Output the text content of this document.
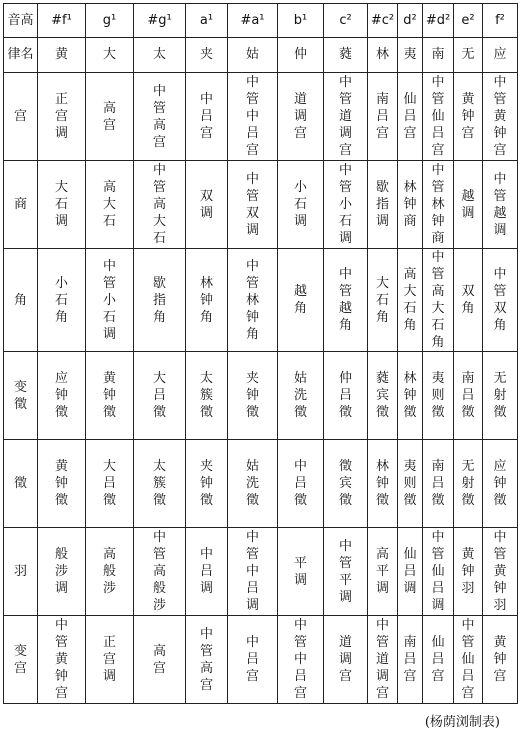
音高	#f¹	g¹	#g¹	a¹	#a¹	b¹	c²	#c²	d²	#d²	e²	f²
律名	黄	大	太	夹	姑	仲	蕤	林	夷	南	无	应
宫	正宫调	高宫	中管高宫	中吕宫	中管中吕宫	道调宫	中管道调宫	南吕宫	仙吕宫	中管仙吕宫	黄钟宫	中管黄钟宫
商	大石调	高大石	中管高大石	双调	中管双调	小石调	中管小石调	歇指调	林钟商	中管林钟商	越调	中管越调
角	小石角	中管小石调	歇指角	林钟角	中管林钟角	越角	中管越角	大石角	高大石角	中管高大石角	双角	中管双角
变徵	应钟徵	黄钟徵	大吕徵	太簇徵	夹钟徵	姑洗徵	仲吕徵	蕤宾徵	林钟徵	夷则徵	南吕徵	无射徵
徵	黄钟徵	大吕徵	太簇徵	夹钟徵	姑洗徵	中吕徵	徵宾徵	林钟徵	夷则徵	南吕徵	无射徵	应钟徵
羽	般涉调	高般涉	中管高般涉	中吕调	中管中吕调	平调	中管平调	高平调	仙吕调	中管仙吕调	黄钟羽	中管黄钟羽
变宫	中管黄钟宫	正宫调	高宫	中管高宫	中吕宫	中管中吕宫	道调宫	中管道调宫	南吕宫	仙吕宫	中管仙吕宫	黄钟宫
(杨荫浏制表)
